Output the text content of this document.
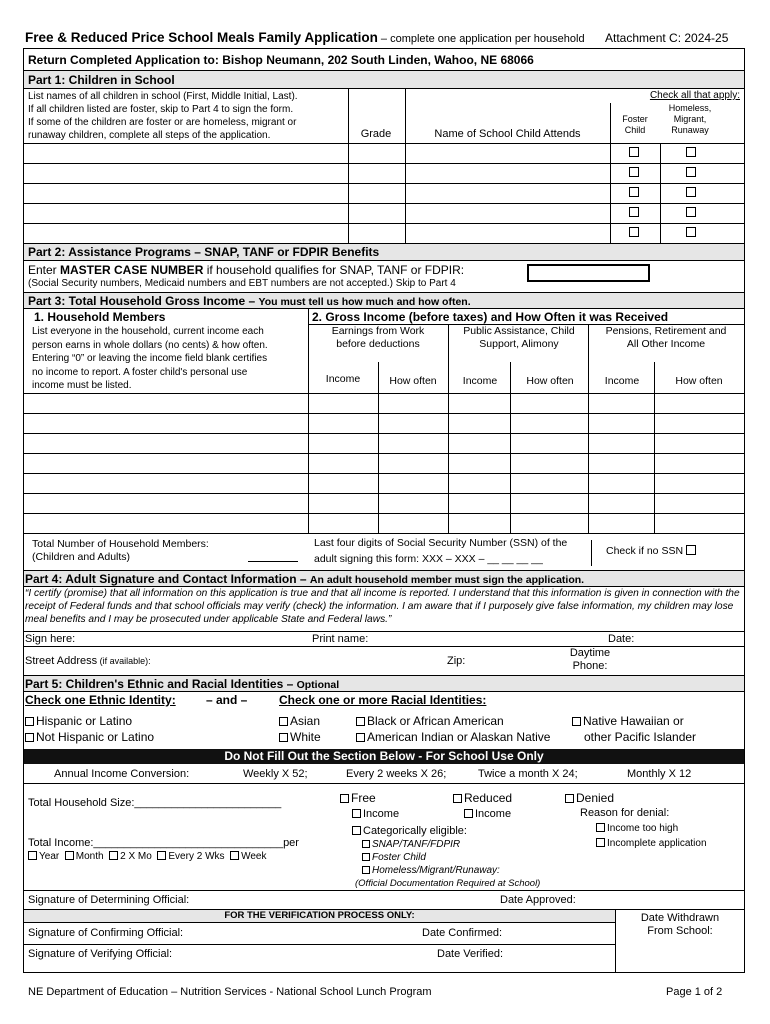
Free & Reduced Price School Meals Family Application – complete one application per household	Attachment C: 2024-25
Return Completed Application to: Bishop Neumann, 202 South Linden, Wahoo, NE 68066
Part 1: Children in School
List names of all children in school (First, Middle Initial, Last).
If all children listed are foster, skip to Part 4 to sign the form.
If some of the children are foster or are homeless, migrant or
runaway children, complete all steps of the application.	Grade	Name of School Child Attends
Check all that apply:
Foster
Child
Homeless,
Migrant,
Runaway
Part 2: Assistance Programs – SNAP, TANF or FDPIR Benefits
Enter MASTER CASE NUMBER if household qualifies for SNAP, TANF or FDPIR:
(Social Security numbers, Medicaid numbers and EBT numbers are not accepted.) Skip to Part 4
Part 3: Total Household Gross Income – You must tell us how much and how often.
1. Household Members	2. Gross Income (before taxes) and How Often it was Received
List everyone in the household, current income each
person earns in whole dollars (no cents) & how often.
Entering “0” or leaving the income field blank certifies
no income to report. A foster child's personal use
income must be listed.
Earnings from Work
before deductions
Public Assistance, Child
Support, Alimony
Pensions, Retirement and
All Other Income
Income	How often	Income	How often	Income	How often
Total Number of Household Members:
(Children and Adults)
Last four digits of Social Security Number (SSN) of the
adult signing this form: XXX – XXX – __ __ __ __
Check if no SSN
Part 4: Adult Signature and Contact Information – An adult household member must sign the application.
“I certify (promise) that all information on this application is true and that all income is reported. I understand that this information is given in connection with the receipt of Federal funds and that school officials may verify (check) the information. I am aware that if I purposely give false information, my children may lose meal benefits and I may be prosecuted under applicable State and Federal laws.”
Sign here:	Print name:	Date:
Street Address (if available):	Zip:
Daytime
Phone:
Part 5: Children's Ethnic and Racial Identities – Optional
Check one Ethnic Identity:	– and –	Check one or more Racial Identities:
Hispanic or Latino
Not Hispanic or Latino
Asian
White
Black or African American
American Indian or Alaskan Native
Native Hawaiian or
other Pacific Islander
Do Not Fill Out the Section Below - For School Use Only
Annual Income Conversion:	Weekly X 52;	Every 2 weeks X 26;	Twice a month X 24;	Monthly X 12
Total Household Size:________________________
Total Income:_______________________________per
Year Month 2 X Mo Every 2 Wks Week
Free	Reduced	Denied
Income	Income	Reason for denial:
Income too high
Incomplete application
Categorically eligible:
SNAP/TANF/FDPIR
Foster Child
Homeless/Migrant/Runaway:
(Official Documentation Required at School)
Signature of Determining Official:	Date Approved:
FOR THE VERIFICATION PROCESS ONLY:	Date Withdrawn
From School:
Signature of Confirming Official:	Date Confirmed:
Signature of Verifying Official:	Date Verified:
NE Department of Education – Nutrition Services - National School Lunch Program	Page 1 of 2
